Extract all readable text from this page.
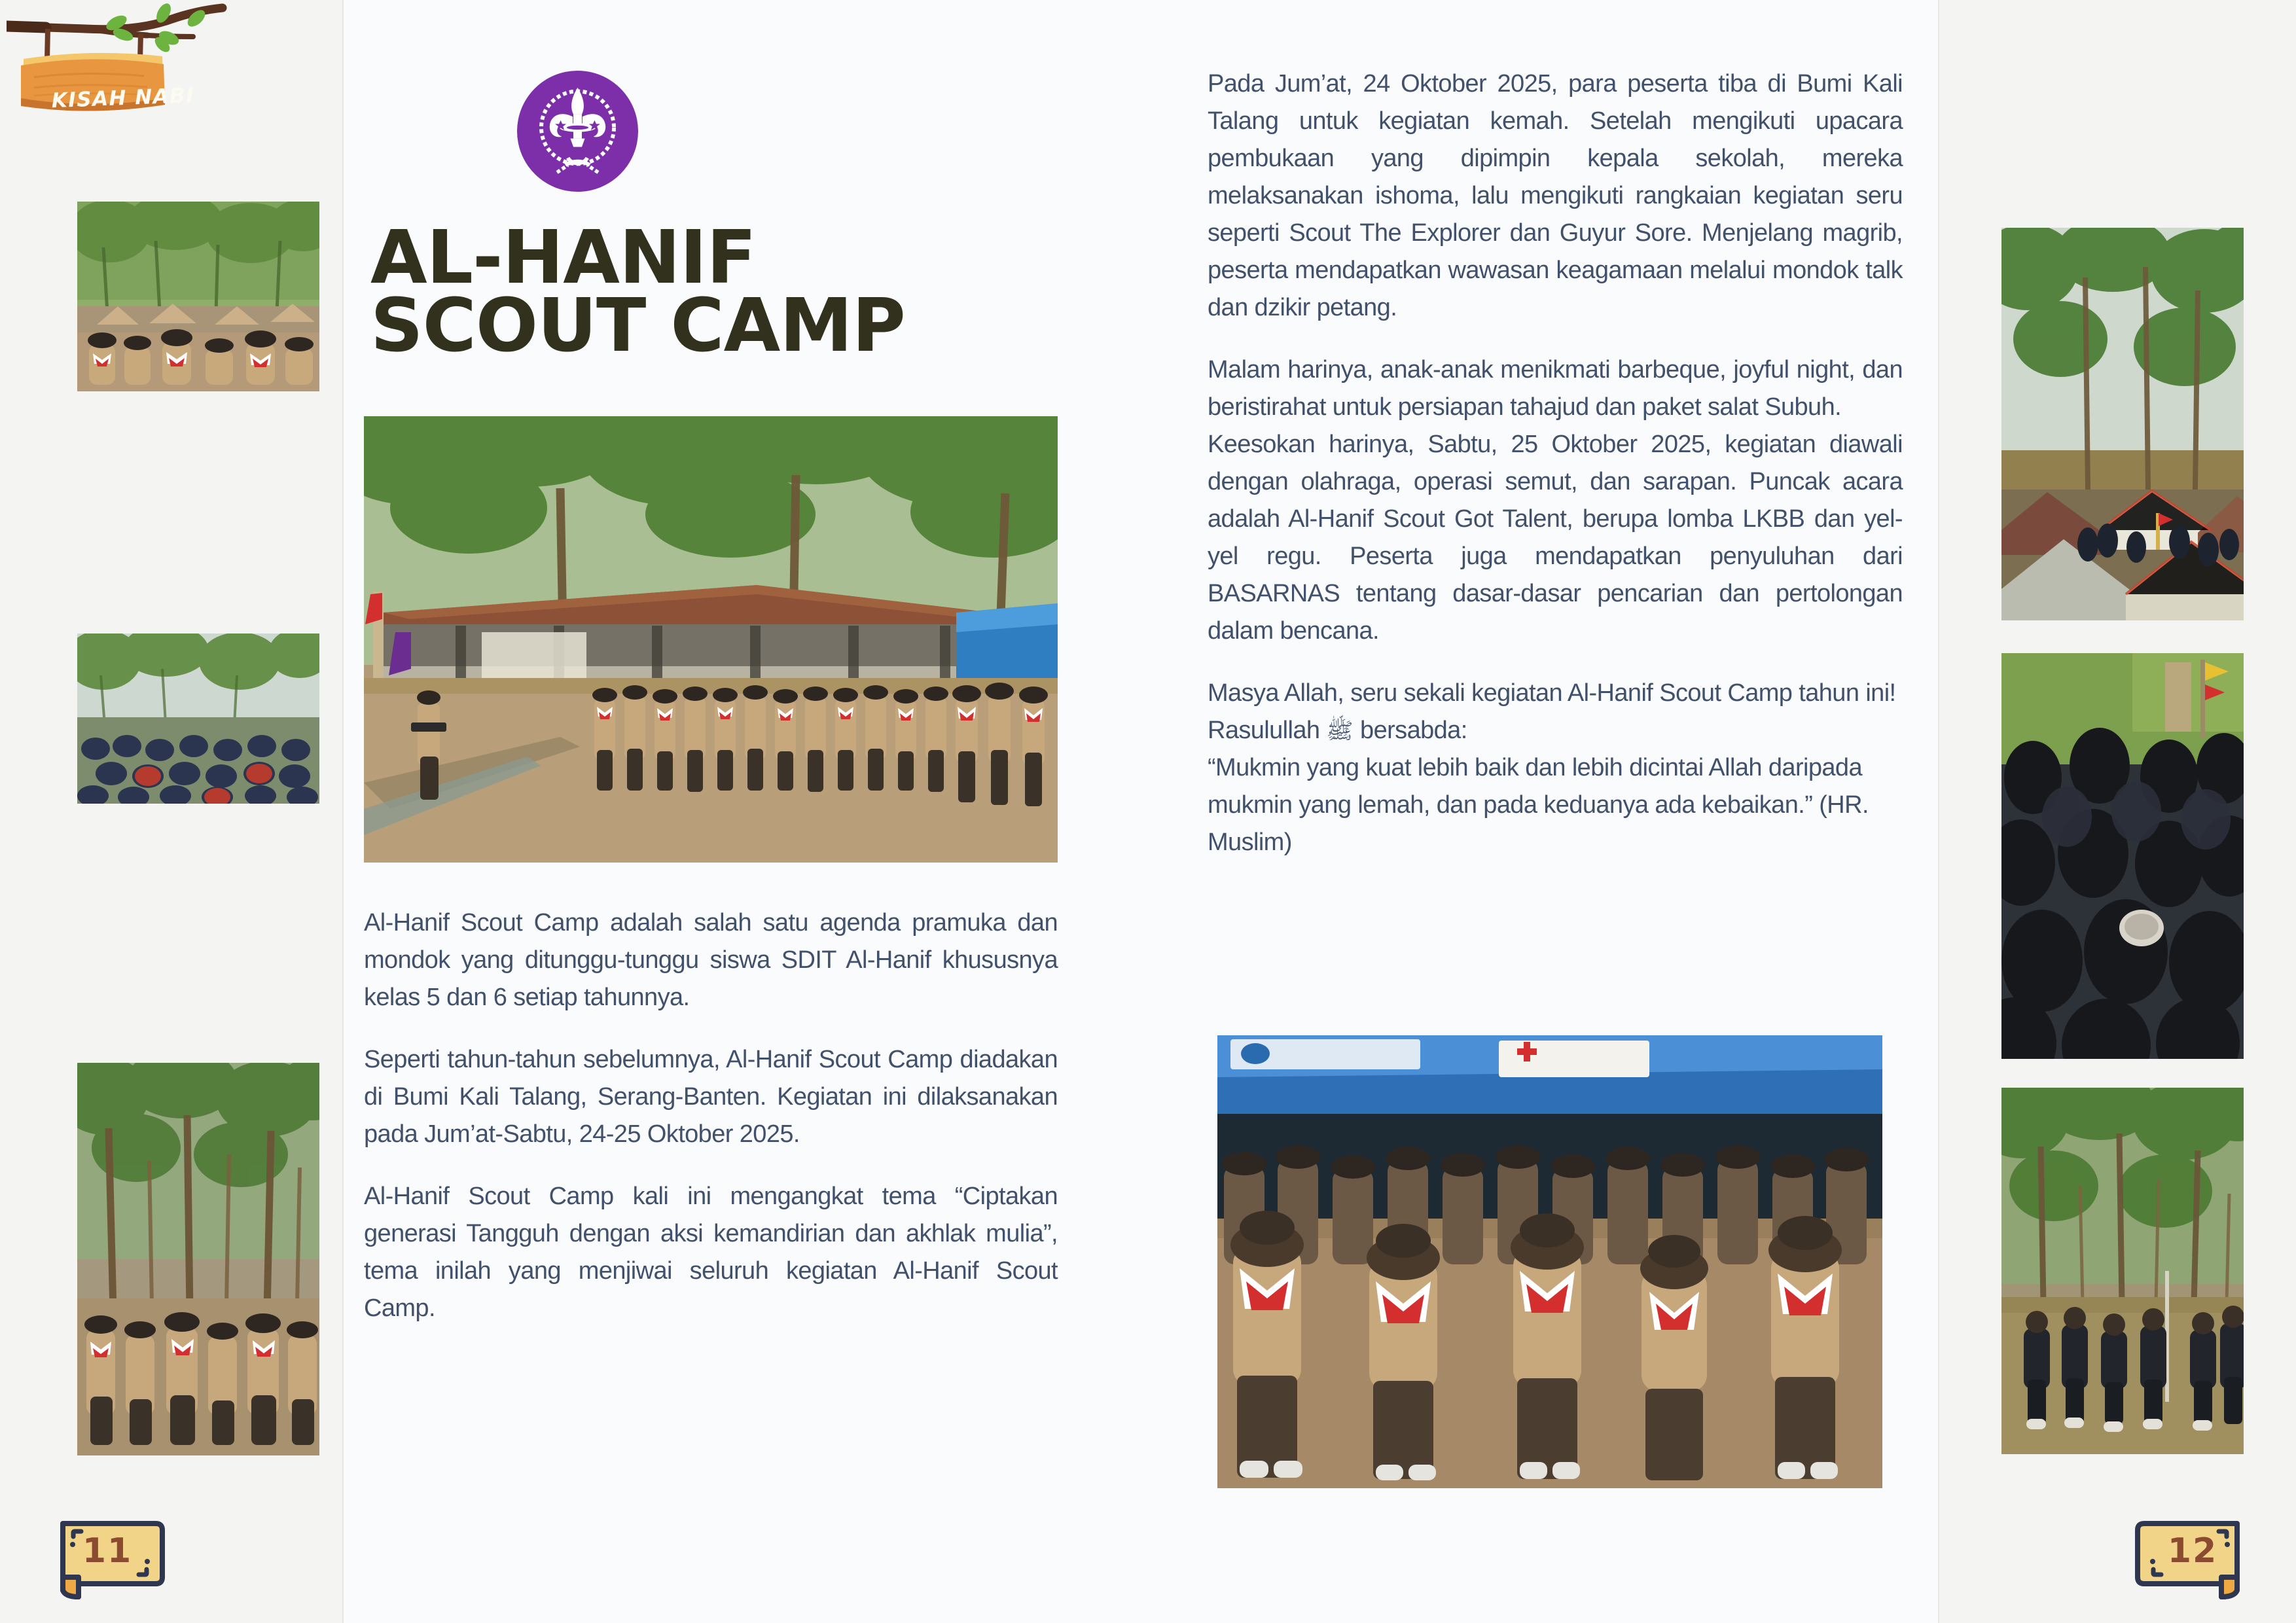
KISAH NABI
AL-HANIF
SCOUT CAMP

Al-Hanif Scout Camp adalah salah satu agenda pramuka dan mondok yang ditunggu-tunggu siswa SDIT Al-Hanif khususnya kelas 5 dan 6 setiap tahunnya.

Seperti tahun-tahun sebelumnya, Al-Hanif Scout Camp diadakan di Bumi Kali Talang, Serang-Banten. Kegiatan ini dilaksanakan pada Jum’at-Sabtu, 24-25 Oktober 2025.

Al-Hanif Scout Camp kali ini mengangkat tema “Ciptakan generasi Tangguh dengan aksi kemandirian dan akhlak mulia”, tema inilah yang menjiwai seluruh kegiatan Al-Hanif Scout Camp.

Pada Jum’at, 24 Oktober 2025, para peserta tiba di Bumi Kali Talang untuk kegiatan kemah. Setelah mengikuti upacara pembukaan yang dipimpin kepala sekolah, mereka melaksanakan ishoma, lalu mengikuti rangkaian kegiatan seru seperti Scout The Explorer dan Guyur Sore. Menjelang magrib, peserta mendapatkan wawasan keagamaan melalui mondok talk dan dzikir petang.

Malam harinya, anak-anak menikmati barbeque, joyful night, dan beristirahat untuk persiapan tahajud dan paket salat Subuh.

Keesokan harinya, Sabtu, 25 Oktober 2025, kegiatan diawali dengan olahraga, operasi semut, dan sarapan. Puncak acara adalah Al-Hanif Scout Got Talent, berupa lomba LKBB dan yel-yel regu. Peserta juga mendapatkan penyuluhan dari BASARNAS tentang dasar-dasar pencarian dan pertolongan dalam bencana.

Masya Allah, seru sekali kegiatan Al-Hanif Scout Camp tahun ini!

Rasulullah ﷺ bersabda:

“Mukmin yang kuat lebih baik dan lebih dicintai Allah daripada mukmin yang lemah, dan pada keduanya ada kebaikan.” (HR. Muslim)

11	12
